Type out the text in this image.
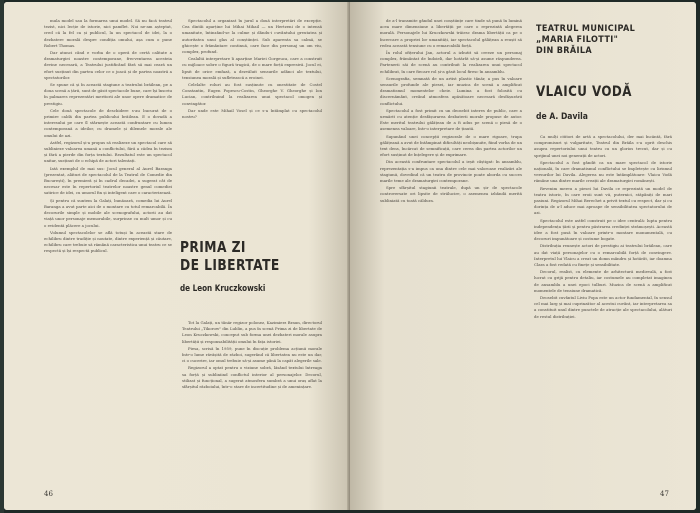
mula model sau la formarea unui model. Să nu facă teatrul tezist, nici lecție de istorie, nici pamflet. Noi ne-am așteptat, cred că la fel ca și publicul, la un spectacol de idei, la o dezbatere morală despre condiția omului, așa cum o pune Robert Thomas.

Dar atunci când e vorba de o operă de certă calitate a dramaturgiei noastre contemporane, frecventarea acesteia devine necesară, a Teatrului justificând fără să mai ceară un efort susținut din partea celor ce o joacă și de partea noastră a spectatorilor.

Se spune că și în această stagiune a teatrului brăilean, pe a doua scenă a țării, sunt de găsit spectacole bune, care își înscriu în palmares reprezentări meritorii ale unor opere dramatice de prestigiu.

Cele două spectacole de deschidere s-au bucurat de o primire caldă din partea publicului brăilean. E o dovadă a interesului pe care îl stârnește această confruntare cu lumea contemporană a ideilor, cu dramele și dilemele morale ale omului de azi.

Astfel, regizorul și-a propus să realizeze un spectacol care să sublinieze valoarea umană a conflictului, fără a cădea în tezism și fără a pierde din forța textului. Rezultatul este un spectacol unitar, susținut de o echipă de actori talentați.

Iată exemplul de mai sus: Jocul general al Aurel Baranga (prezentat, alături de spectacolul de la Teatrul de Comedie din București), în premieră și în cadrul decadei, a sugerat cât de necesar este în repertoriul teatrelor noastre genul comediei satirice de idei, cu umorul fin și inteligent care o caracterizează.

Și pentru că suntem la Galați, bunăoară, comedia lui Aurel Baranga a avut parte aici de o montare cu totul remarcabilă. În decorurile simple și mobile ale scenografului, actorii au dat viață unor personaje memorabile, surprinse cu mult umor și cu o evidentă plăcere a jocului.

Volumul spectacolelor se află totuși în această stare de echilibru dintre tradiție și noutate, dintre experiență și căutare, echilibru care trebuie să rămână caracteristica unui teatru ce se respectă și își respectă publicul.

Spectacolul a organizat în jurul a două interpretări de excepție. Cea dintâi aparține lui Mihai Mihail — un Hertzeni de o intensă umanitate, întinzând-se la culme și dându-i cuvântului greutatea și autoritatea unui glas al conștiinței. Sub aparenta sa calmă, se ghicește o frământare continuă, care face din personaj un om viu, complex, profund.

Cealaltă interpretare îi aparține Mariei Gorgeuca, care a construit cu mijloace sobre o figură tragică, de o mare forță expresivă. Jocul ei, lipsit de orice emfază, a dezvăluit sensurile adânci ale textului, tensiunea morală și sufletească a eroinei.

Celelalte roluri au fost susținute cu onestitate de Costel Constantin, Eugen Popescu-Costin, Gheorghe V. Gheorghe și Ion Lucian, contribuind la realizarea unui spectacol omogen și convingător.

Dar unde este Mihail Vosel și ce s-a întâmplat cu spectacolul nostru?

PRIMA ZI
DE LIBERTATE
de Leon Kruczkowski

Tot la Galați, un tânăr regizor polonez, Kazimierz Braun, directorul Teatrului „Tikorow" din Lublin, a pus în scenă Prima zi de libertate de Leon Kruczkowski, conceput sub forma unei dezbateri morale asupra libertății și responsabilității omului în fața istoriei.

Piesa, scrisă în 1959, pune în discuție problema acțiunii morale într-o lume răvășită de război, sugerând că libertatea nu este un dar, ci o cucerire, iar omul trebuie să-și asume până la capăt alegerile sale.

Regizorul a optat pentru o viziune sobră, lăsând textului întreaga sa forță și subliniind conflictul interior al personajelor. Decorul, stilizat și funcțional, a sugerat atmosfera sumbră a unui oraș aflat la sfârșitul războiului, într-o stare de incertitudine și de amenințare.

46

de a-l transmite gândul unei conștiințe care tinde să pună în lumină acea mare dimensiune a libertății pe care o reprezintă alegerea morală. Personajele lui Kruczkowski trăiesc drama libertății ca pe o încercare a propriei lor umanități, iar spectacolul gălățean a reușit să redea această tensiune cu o remarcabilă forță.

În rolul ofițerului Jan, actorul a izbutit să creeze un personaj complex, frământat de îndoieli, dar hotărât să-și asume răspunderea. Partenerii săi de scenă au contribuit la realizarea unui spectacol echilibrat, în care fiecare rol și-a găsit locul firesc în ansamblu.

Scenografia, semnată de un artist plastic tânăr, a pus în valoare sensurile profunde ale piesei, iar muzica de scenă a amplificat dramatismul momentelor cheie. Lumina a fost folosită cu discernământ, creând atmosfera apăsătoare necesară desfășurării conflictului.

Spectacolul a fost primit cu un deosebit interes de public, care a urmărit cu atenție desfășurarea dezbaterii morale propuse de autor. Este meritul teatrului gălățean de a fi adus pe scenă o piesă de o asemenea valoare, într-o interpretare de ținută.

Supunând unei concepții regizorale de o mare rigoare, trupa gălățeană a avut de întâmpinat dificultăți neobișnuite, fiind vorba de un text dens, încărcat de semnificații, care cerea din partea actorilor un efort susținut de înțelegere și de exprimare.

Din această confruntare spectacolul a ieșit câștigat: în ansamblu, reprezentația s-a impus ca una dintre cele mai valoroase realizări ale stagiunii, dovedind că un teatru de provincie poate aborda cu succes marile teme ale dramaturgiei contemporane.

Spre sfârșitul stagiunii teatrale, după un șir de spectacole controversate ori lipsite de strălucire, o asemenea izbândă merită subliniată cu toată căldura.

TEATRUL MUNICIPAL
„MARIA FILOTTI"
DIN BRĂILA
VLAICU VODĂ
de A. Davila

Ca mulți cititori de artă a spectacolului, der mai încăntă, fără compromisuri și vulgaritate, Teatrul din Brăila s-a oprit deschis asupra repertoriului unui teatru cu un glorios trecut, dar și cu sprijinul unei noi generații de actori.

Spectacolul a fost gândit ca un mare spectacol de istorie națională, în care dramatismul conflictului se împletește cu lirismul versurilor lui Davila. Alegerea nu este întâmplătoare: Vlaicu Vodă rămâne una dintre marile creații ale dramaturgiei românești.

Revenim mereu a piesei lui Davila ce reprezintă un model de teatru istoric, în care eroii sunt vii, puternici, stăpâniți de mari pasiuni. Regizorul Mihai Berechet a privit textul cu respect, dar și cu dorința de a-l aduce mai aproape de sensibilitatea spectatorului de azi.

Spectacolul este astfel construit pe o idee centrală: lupta pentru independența țării și pentru păstrarea credinței strămoșești. Această idee a fost pusă în valoare printr-o montare monumentală, cu decoruri impunătoare și costume bogate.

Distribuția reunește actori de prestigiu ai teatrului brăilean, care au dat viață personajelor cu o remarcabilă forță de convingere. Interpretul lui Vlaicu a creat un domn mândru și hotărât, iar doamna Clara a fost redată cu finețe și sensibilitate.

Decorul, realist, cu elemente de arhitectură medievală, a fost lucrat cu grijă pentru detaliu, iar costumele au completat imaginea de ansamblu a unei epoci tulburi. Muzica de scenă a amplificat momentele de tensiune dramatică.

Deosebit cuvântul Liviu Popa este un actor fundamental, în sensul cel mai larg și mai cuprinzător al acestui cuvânt, iar interpretarea sa a constituit unul dintre punctele de atracție ale spectacolului, alături de restul distribuției.

47
